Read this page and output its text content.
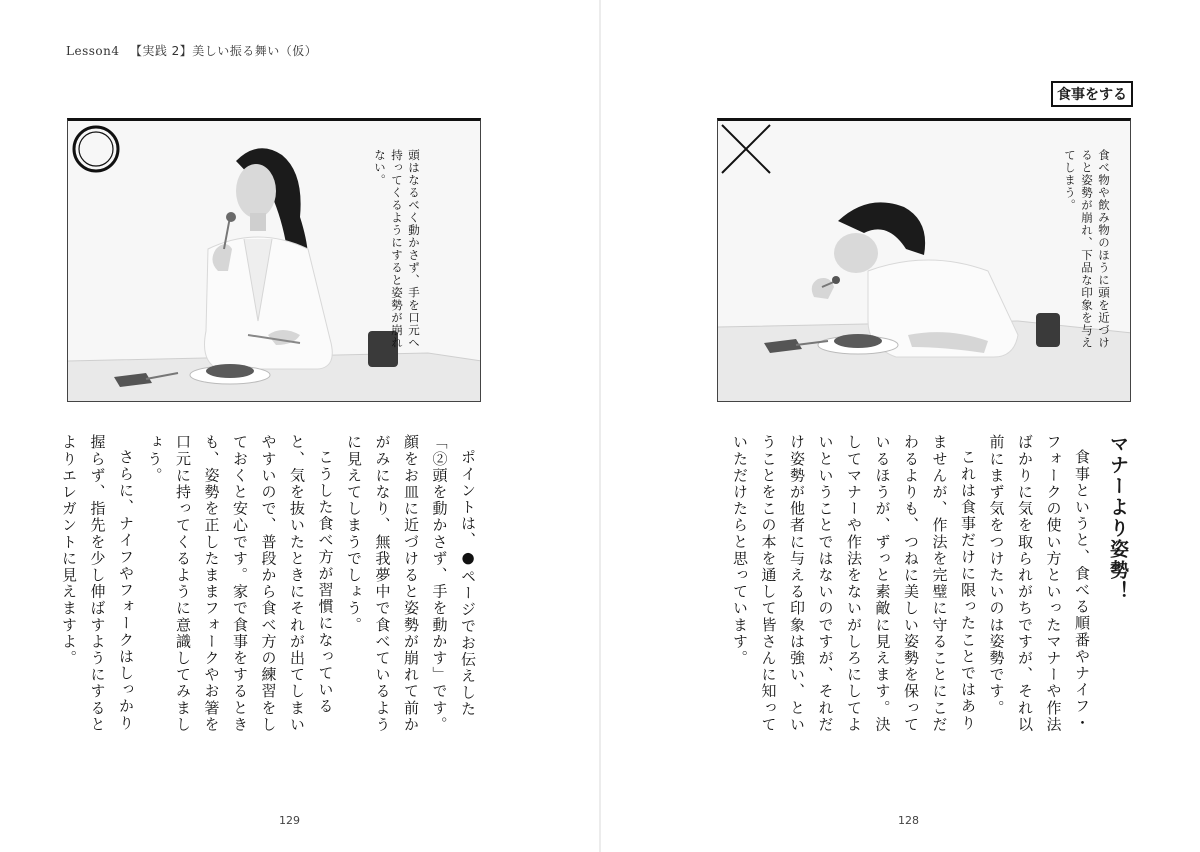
Lesson4 【実践 2】美しい振る舞い（仮）
食事をする
頭はなるべく動かさず、手を口元へ持ってくるようにすると姿勢が崩れない。	食べ物や飲み物のほうに頭を近づけると姿勢が崩れ、下品な印象を与えてしまう。

ポイントは、●ページでお伝えした「②頭を動かさず、手を動かす」です。顔をお皿に近づけると姿勢が崩れて前かがみになり、無我夢中で食べているように見えてしまうでしょう。

こうした食べ方が習慣になっていると、気を抜いたときにそれが出てしまいやすいので、普段から食べ方の練習をしておくと安心です。家で食事をするときも、姿勢を正したままフォークやお箸を口元に持ってくるように意識してみましょう。

さらに、ナイフやフォークはしっかり握らず、指先を少し伸ばすようにするとよりエレガントに見えますよ。	マナーより姿勢！

食事というと、食べる順番やナイフ・フォークの使い方といったマナーや作法ばかりに気を取られがちですが、それ以前にまず気をつけたいのは姿勢です。

これは食事だけに限ったことではありませんが、作法を完璧に守ることにこだわるよりも、つねに美しい姿勢を保っているほうが、ずっと素敵に見えます。決してマナーや作法をないがしろにしてよいということではないのですが、それだけ姿勢が他者に与える印象は強い、ということをこの本を通して皆さんに知っていただけたらと思っています。

129	128
